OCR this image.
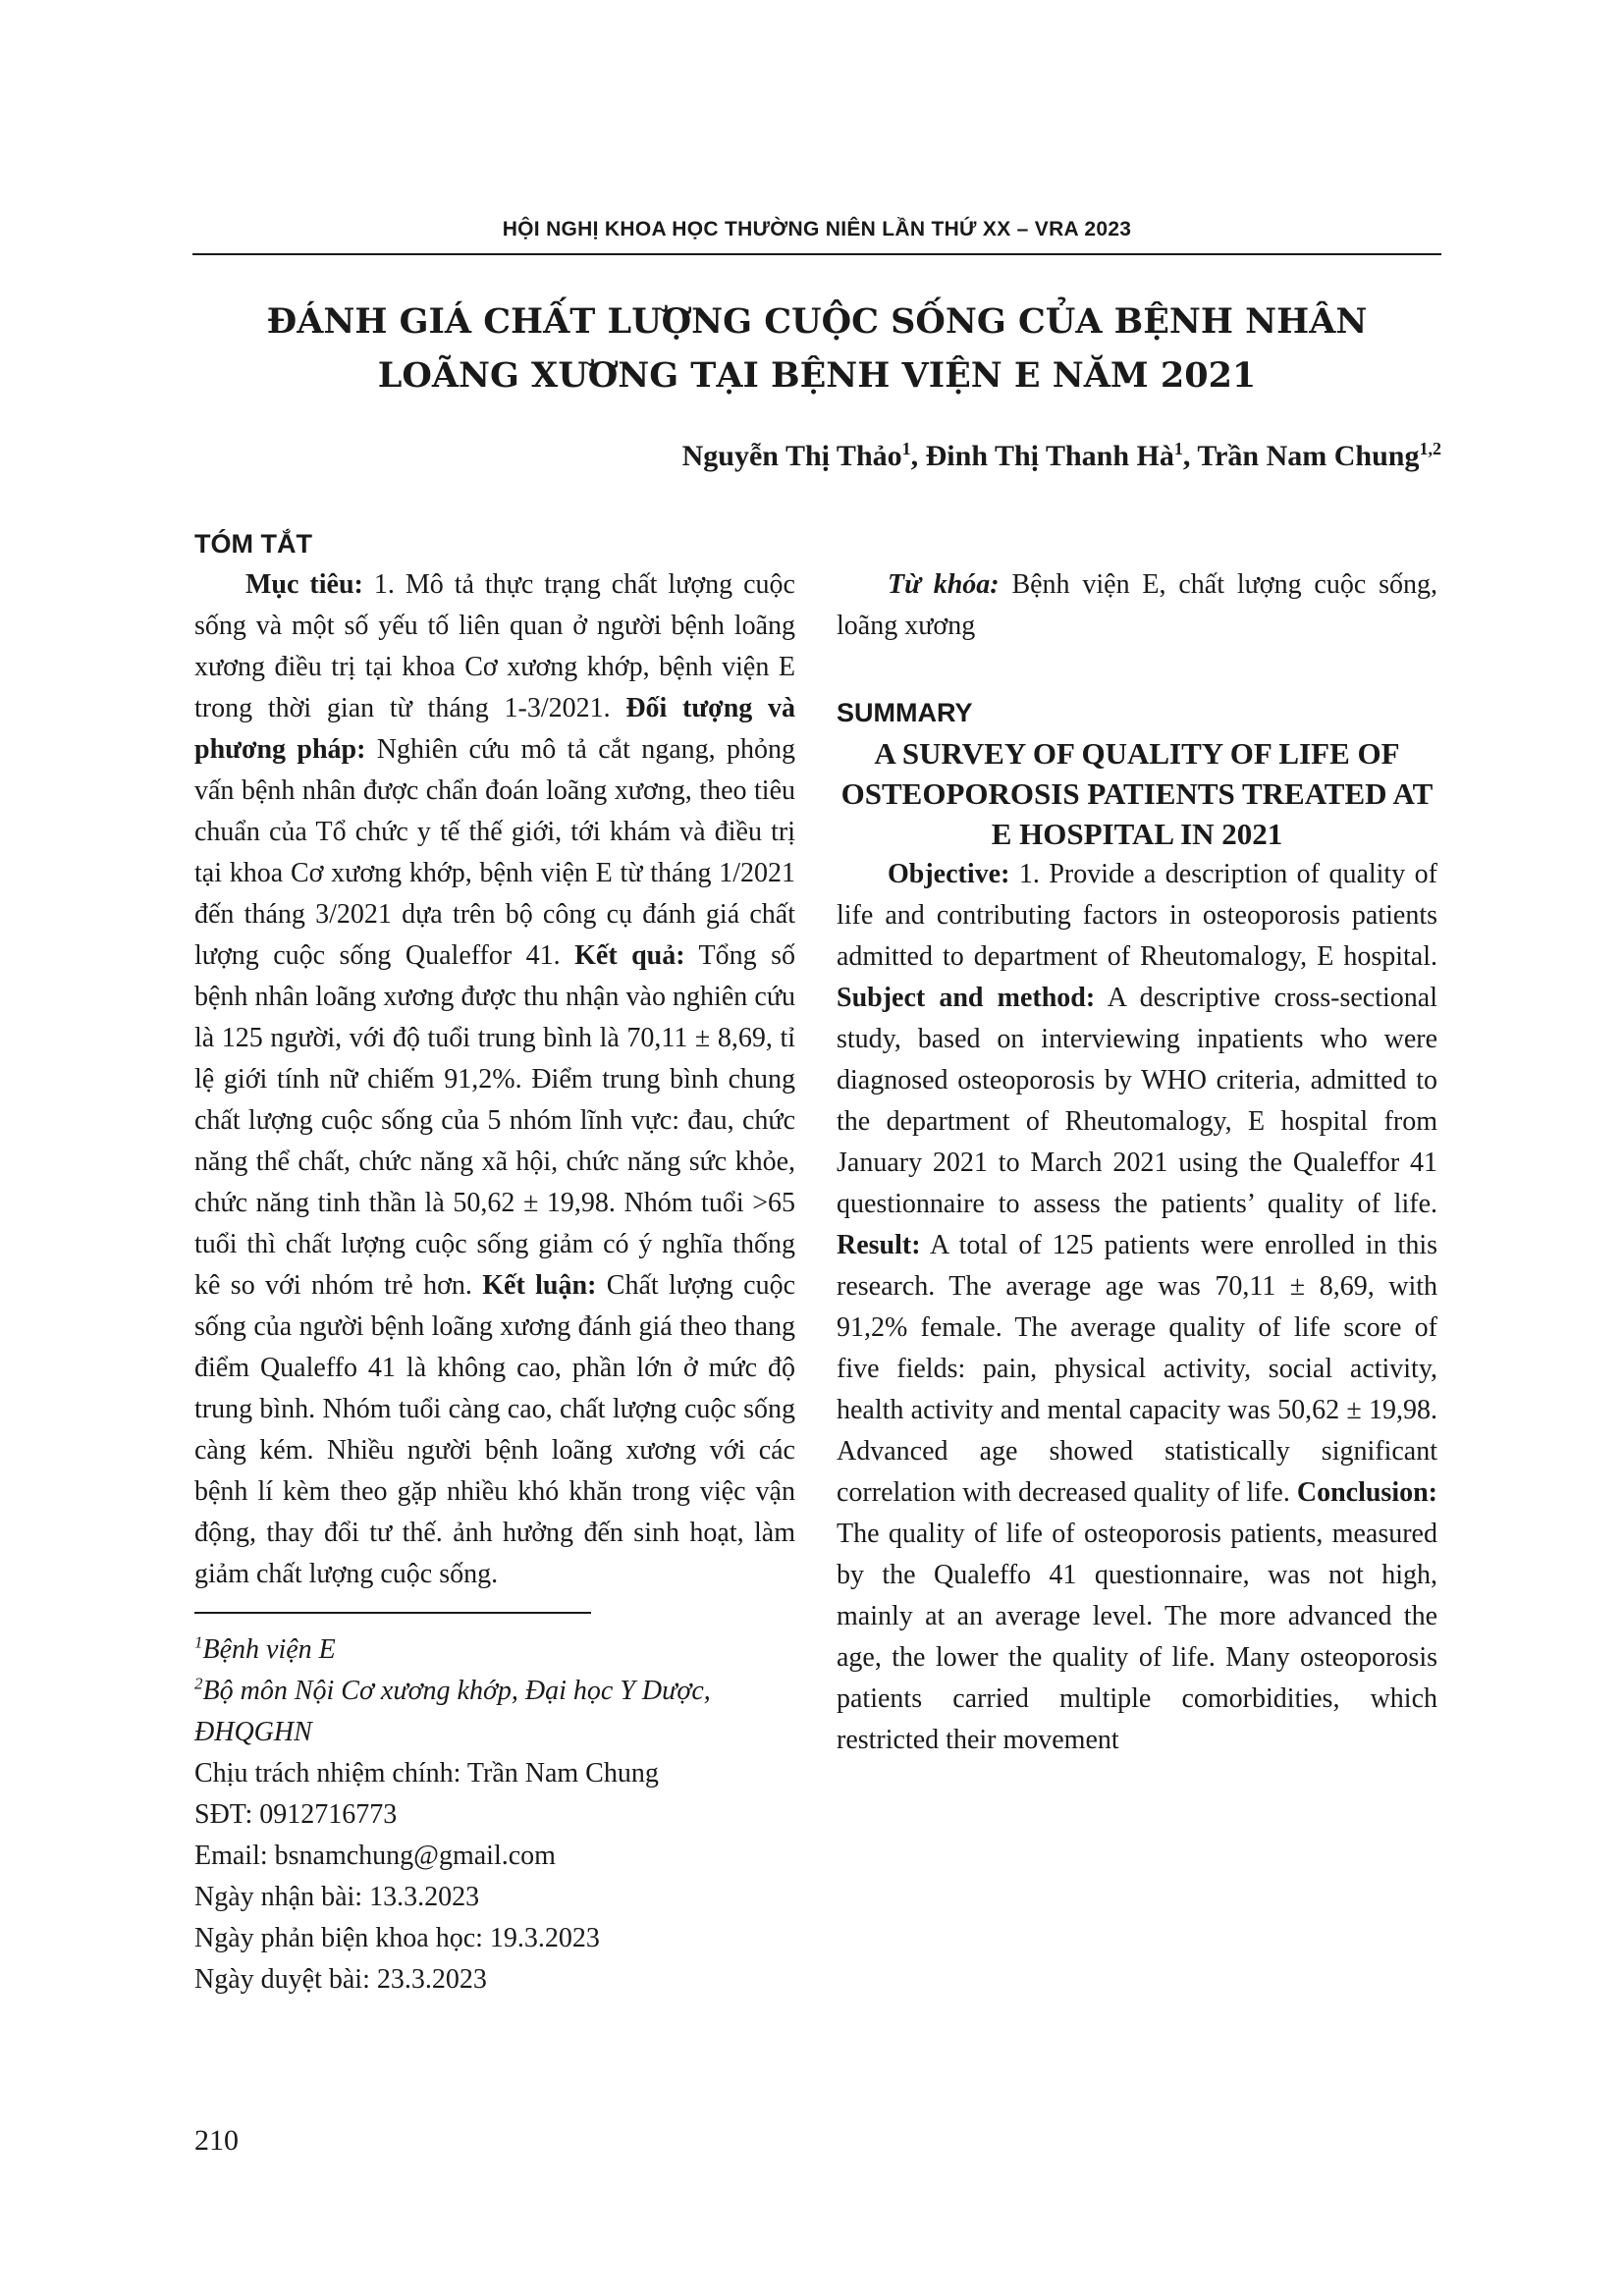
HỘI NGHỊ KHOA HỌC THƯỜNG NIÊN LẦN THỨ XX – VRA 2023
ĐÁNH GIÁ CHẤT LƯỢNG CUỘC SỐNG CỦA BỆNH NHÂN
LOÃNG XƯƠNG TẠI BỆNH VIỆN E NĂM 2021
Nguyễn Thị Thảo$^1$, Đinh Thị Thanh $Hà^1$, Trần Nam Chung$^{1,2}$

TÓM TẮT

Mục tiêu: 1. Mô tả thực trạng chất lượng cuộc sống và một số yếu tố liên quan ở người bệnh loãng xương điều trị tại khoa Cơ xương khớp, bệnh viện E trong thời gian từ tháng 1-3/2021. Đối tượng và phương pháp: Nghiên cứu mô tả cắt ngang, phỏng vấn bệnh nhân được chẩn đoán loãng xương, theo tiêu chuẩn của Tổ chức y tế thế giới, tới khám và điều trị tại khoa Cơ xương khớp, bệnh viện E từ tháng 1/2021 đến tháng 3/2021 dựa trên bộ công cụ đánh giá chất lượng cuộc sống Qualeffor 41. Kết quả: Tổng số bệnh nhân loãng xương được thu nhận vào nghiên cứu là 125 người, với độ tuổi trung bình là 70,11 ± 8,69, tỉ lệ giới tính nữ chiếm 91,2%. Điểm trung bình chung chất lượng cuộc sống của 5 nhóm lĩnh vực: đau, chức năng thể chất, chức năng xã hội, chức năng sức khỏe, chức năng tinh thần là 50,62 ± 19,98. Nhóm tuổi >65 tuổi thì chất lượng cuộc sống giảm có ý nghĩa thống kê so với nhóm trẻ hơn. Kết luận: Chất lượng cuộc sống của người bệnh loãng xương đánh giá theo thang điểm Qualeffo 41 là không cao, phần lớn ở mức độ trung bình. Nhóm tuổi càng cao, chất lượng cuộc sống càng kém. Nhiều người bệnh loãng xương với các bệnh lí kèm theo gặp nhiều khó khăn trong việc vận động, thay đổi tư thế. ảnh hưởng đến sinh hoạt, làm giảm chất lượng cuộc sống.

$^1$Bệnh viện E
$^2$Bộ môn Nội Cơ xương khớp, Đại học Y Dược, ĐHQGHN
Chịu trách nhiệm chính: Trần Nam Chung
SĐT: 0912716773
Email: bsnamchung@gmail.com
Ngày nhận bài: 13.3.2023
Ngày phản biện khoa học: 19.3.2023
Ngày duyệt bài: 23.3.2023
210

Từ khóa: Bệnh viện E, chất lượng cuộc sống, loãng xương

SUMMARY

A SURVEY OF QUALITY OF LIFE OF OSTEOPOROSIS PATIENTS TREATED AT E HOSPITAL IN 2021

Objective: 1. Provide a description of quality of life and contributing factors in osteoporosis patients admitted to department of Rheutomalogy, E hospital. Subject and method: A descriptive cross-sectional study, based on interviewing inpatients who were diagnosed osteoporosis by WHO criteria, admitted to the department of Rheutomalogy, E hospital from January 2021 to March 2021 using the Qualeffor 41 questionnaire to assess the patients’ quality of life. Result: A total of 125 patients were enrolled in this research. The average age was 70,11 ± 8,69, with 91,2% female. The average quality of life score of five fields: pain, physical activity, social activity, health activity and mental capacity was 50,62 ± 19,98. Advanced age showed statistically significant correlation with decreased quality of life. Conclusion: The quality of life of osteoporosis patients, measured by the Qualeffo 41 questionnaire, was not high, mainly at an average level. The more advanced the age, the lower the quality of life. Many osteoporosis patients carried multiple comorbidities, which restricted their movement
